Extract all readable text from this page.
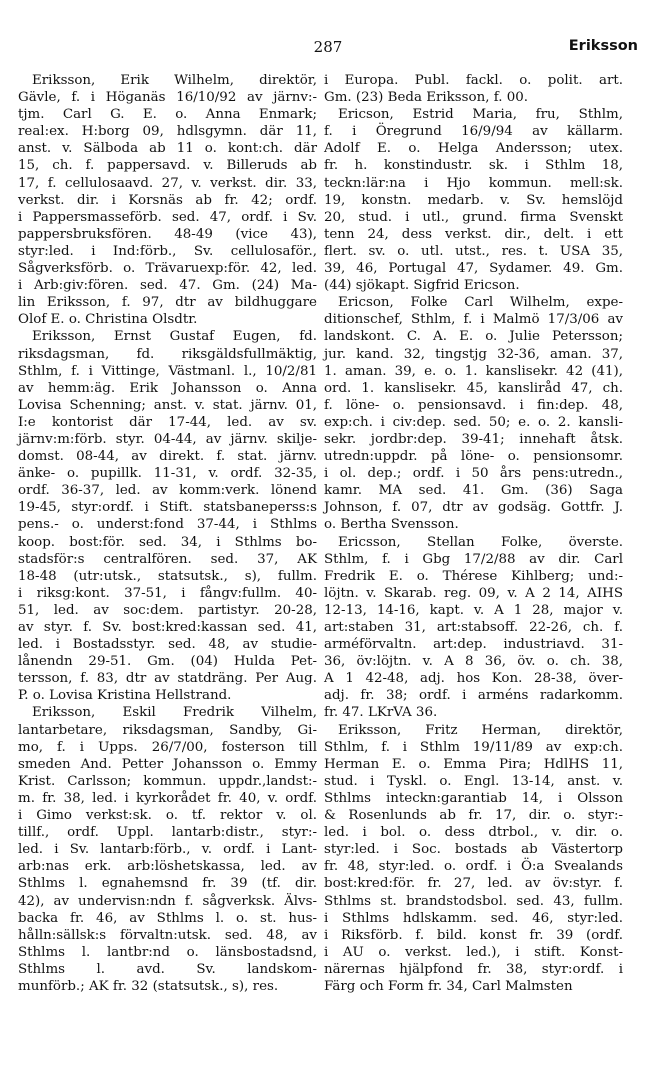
287	Eriksson
Eriksson, Erik Wilhelm, direktör,
Gävle, f. i Höganäs 16/10/92 av järnv:-
tjm. Carl G. E. o. Anna Enmark;
real:ex. H:borg 09, hdlsgymn. där 11,
anst. v. Sälboda ab 11 o. kont:ch. där
15, ch. f. pappersavd. v. Billeruds ab
17, f. cellulosaavd. 27, v. verkst. dir. 33,
verkst. dir. i Korsnäs ab fr. 42; ordf.
i Pappersmasseförb. sed. 47, ordf. i Sv.
pappersbruksfören. 48-49 (vice 43),
styr:led. i Ind:förb., Sv. cellulosaför.,
Sågverksförb. o. Trävaruexp:för. 42, led.
i Arb:giv:fören. sed. 47. Gm. (24) Ma-
lin Eriksson, f. 97, dtr av bildhuggare
Olof E. o. Christina Olsdtr.
Eriksson, Ernst Gustaf Eugen, fd.
riksdagsman, fd. riksgäldsfullmäktig,
Sthlm, f. i Vittinge, Västmanl. l., 10/2/81
av hemm:äg. Erik Johansson o. Anna
Lovisa Schenning; anst. v. stat. järnv. 01,
I:e kontorist där 17-44, led. av sv.
järnv:m:förb. styr. 04-44, av järnv. skilje-
domst. 08-44, av direkt. f. stat. järnv.
änke- o. pupillk. 11-31, v. ordf. 32-35,
ordf. 36-37, led. av komm:verk. lönend
19-45, styr:ordf. i Stift. statsbaneperss:s
pens.- o. underst:fond 37-44, i Sthlms
koop. bost:för. sed. 34, i Sthlms bo-
stadsför:s centralfören. sed. 37, AK
18-48 (utr:utsk., statsutsk., s), fullm.
i riksg:kont. 37-51, i fångv:fullm. 40-
51, led. av soc:dem. partistyr. 20-28,
av styr. f. Sv. bost:kred:kassan sed. 41,
led. i Bostadsstyr. sed. 48, av studie-
lånendn 29-51. Gm. (04) Hulda Pet-
tersson, f. 83, dtr av statdräng. Per Aug.
P. o. Lovisa Kristina Hellstrand.
Eriksson, Eskil Fredrik Vilhelm,
lantarbetare, riksdagsman, Sandby, Gi-
mo, f. i Upps. 26/7/00, fosterson till
smeden And. Petter Johansson o. Emmy
Krist. Carlsson; kommun. uppdr.,landst:-
m. fr. 38, led. i kyrkorådet fr. 40, v. ordf.
i Gimo verkst:sk. o. tf. rektor v. ol.
tillf., ordf. Uppl. lantarb:distr., styr:-
led. i Sv. lantarb:förb., v. ordf. i Lant-
arb:nas erk. arb:löshetskassa, led. av
Sthlms l. egnahemsnd fr. 39 (tf. dir.
42), av undervisn:ndn f. sågverksk. Älvs-
backa fr. 46, av Sthlms l. o. st. hus-
hålln:sällsk:s förvaltn:utsk. sed. 48, av
Sthlms l. lantbr:nd o. länsbostadsnd,
Sthlms l. avd. Sv. landskom-
munförb.; AK fr. 32 (statsutsk., s), res.
i Europa. Publ. fackl. o. polit. art.
Gm. (23) Beda Eriksson, f. 00.
Ericson, Estrid Maria, fru, Sthlm,
f. i Öregrund 16/9/94 av källarm.
Adolf E. o. Helga Andersson; utex.
fr. h. konstindustr. sk. i Sthlm 18,
teckn:lär:na i Hjo kommun. mell:sk.
19, konstn. medarb. v. Sv. hemslöjd
20, stud. i utl., grund. firma Svenskt
tenn 24, dess verkst. dir., delt. i ett
flert. sv. o. utl. utst., res. t. USA 35,
39, 46, Portugal 47, Sydamer. 49. Gm.
(44) sjökapt. Sigfrid Ericson.
Ericson, Folke Carl Wilhelm, expe-
ditionschef, Sthlm, f. i Malmö 17/3/06 av
landskont. C. A. E. o. Julie Petersson;
jur. kand. 32, tingstjg 32-36, aman. 37,
1. aman. 39, e. o. 1. kanslisekr. 42 (41),
ord. 1. kanslisekr. 45, kansliråd 47, ch.
f. löne- o. pensionsavd. i fin:dep. 48,
exp:ch. i civ:dep. sed. 50; e. o. 2. kansli-
sekr. jordbr:dep. 39-41; innehaft åtsk.
utredn:uppdr. på löne- o. pensionsomr.
i ol. dep.; ordf. i 50 års pens:utredn.,
kamr. MA sed. 41. Gm. (36) Saga
Johnson, f. 07, dtr av godsäg. Gottfr. J.
o. Bertha Svensson.
Ericsson, Stellan Folke, överste.
Sthlm, f. i Gbg 17/2/88 av dir. Carl
Fredrik E. o. Thérese Kihlberg; und:-
löjtn. v. Skarab. reg. 09, v. A 2 14, AIHS
12-13, 14-16, kapt. v. A 1 28, major v.
art:staben 31, art:stabsoff. 22-26, ch. f.
arméförvaltn. art:dep. industriavd. 31-
36, öv:löjtn. v. A 8 36, öv. o. ch. 38,
A 1 42-48, adj. hos Kon. 28-38, över-
adj. fr. 38; ordf. i arméns radarkomm.
fr. 47. LKrVA 36.
Eriksson, Fritz Herman, direktör,
Sthlm, f. i Sthlm 19/11/89 av exp:ch.
Herman E. o. Emma Pira; HdlHS 11,
stud. i Tyskl. o. Engl. 13-14, anst. v.
Sthlms inteckn:garantiab 14, i Olsson
& Rosenlunds ab fr. 17, dir. o. styr:-
led. i bol. o. dess dtrbol., v. dir. o.
styr:led. i Soc. bostads ab Västertorp
fr. 48, styr:led. o. ordf. i Ö:a Svealands
bost:kred:för. fr. 27, led. av öv:styr. f.
Sthlms st. brandstodsbol. sed. 43, fullm.
i Sthlms hdlskamm. sed. 46, styr:led.
i Riksförb. f. bild. konst fr. 39 (ordf.
i AU o. verkst. led.), i stift. Konst-
närernas hjälpfond fr. 38, styr:ordf. i
Färg och Form fr. 34, Carl Malmsten
